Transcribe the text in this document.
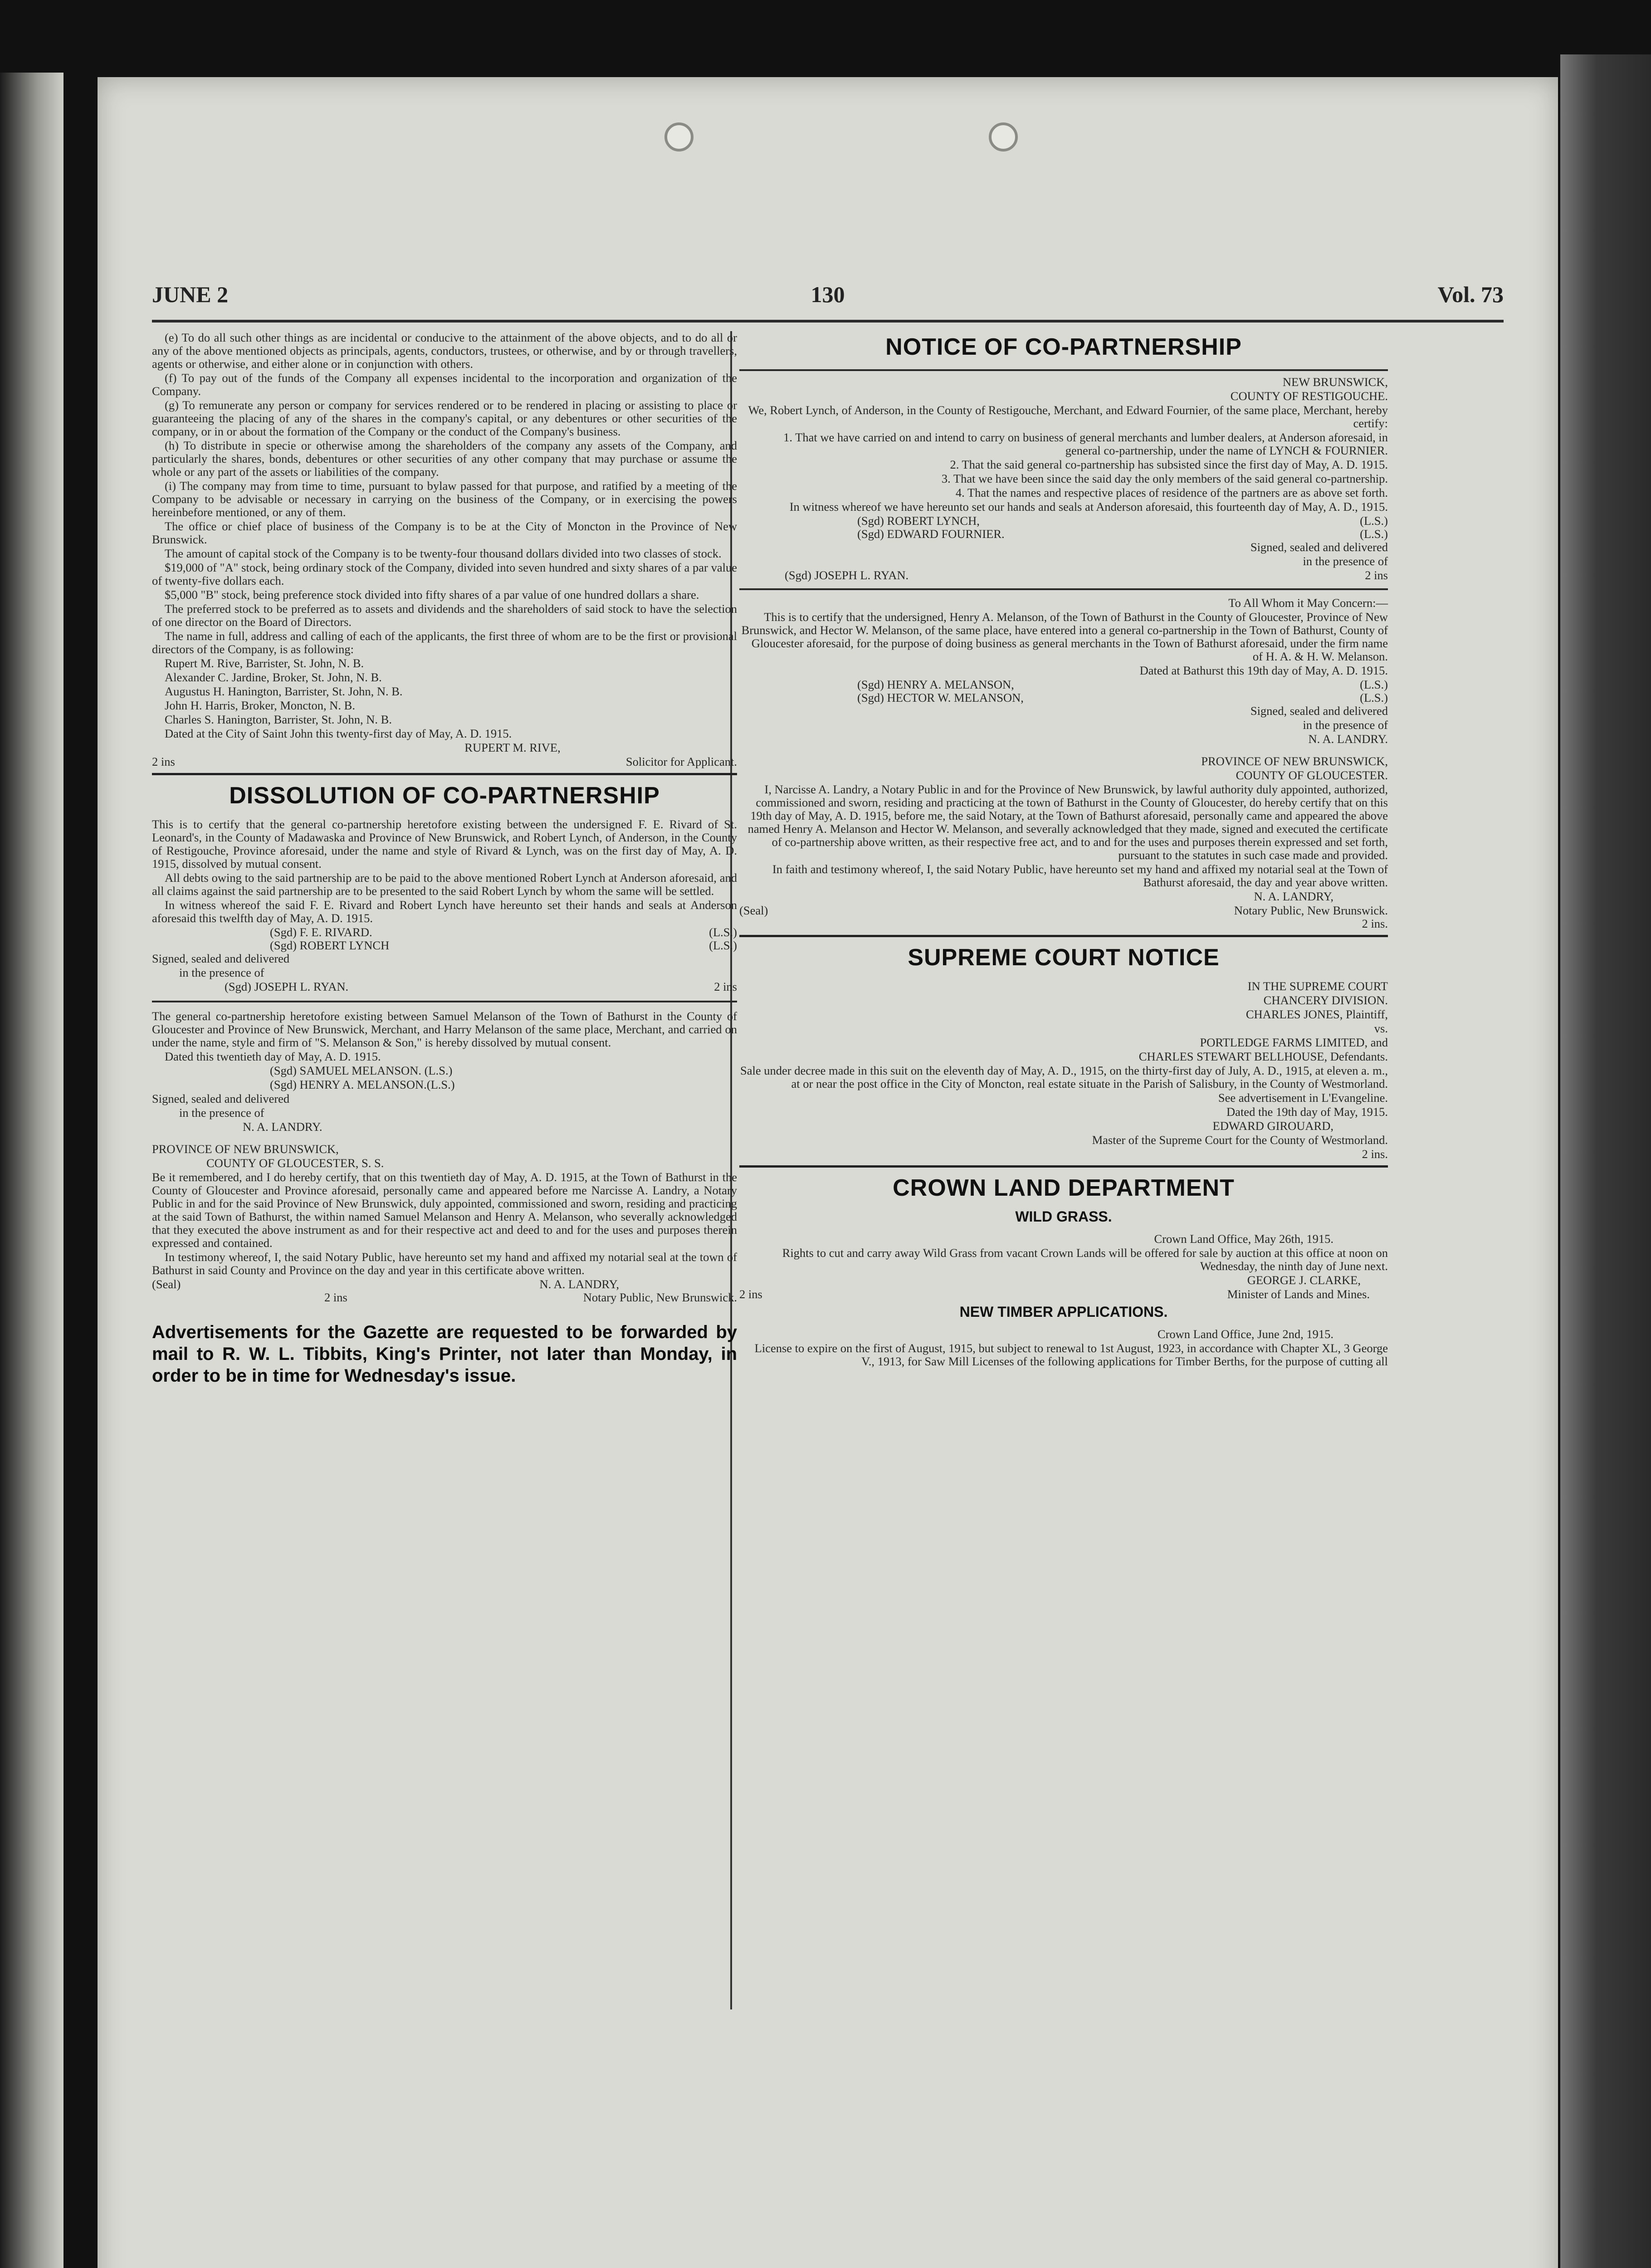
JUNE 2	130	Vol. 73

(e) To do all such other things as are incidental or conducive to the attainment of the above objects, and to do all or any of the above mentioned objects as principals, agents, conductors, trustees, or otherwise, and by or through travellers, agents or otherwise, and either alone or in conjunction with others.

(f) To pay out of the funds of the Company all expenses incidental to the incorporation and organization of the Company.

(g) To remunerate any person or company for services rendered or to be rendered in placing or assisting to place or guaranteeing the placing of any of the shares in the company's capital, or any debentures or other securities of the company, or in or about the formation of the Company or the conduct of the Company's business.

(h) To distribute in specie or otherwise among the shareholders of the company any assets of the Company, and particularly the shares, bonds, debentures or other securities of any other company that may purchase or assume the whole or any part of the assets or liabilities of the company.

(i) The company may from time to time, pursuant to bylaw passed for that purpose, and ratified by a meeting of the Company to be advisable or necessary in carrying on the business of the Company, or in exercising the powers hereinbefore mentioned, or any of them.

The office or chief place of business of the Company is to be at the City of Moncton in the Province of New Brunswick.

The amount of capital stock of the Company is to be twenty-four thousand dollars divided into two classes of stock.

$19,000 of "A" stock, being ordinary stock of the Company, divided into seven hundred and sixty shares of a par value of twenty-five dollars each.

$5,000 "B" stock, being preference stock divided into fifty shares of a par value of one hundred dollars a share.

The preferred stock to be preferred as to assets and dividends and the shareholders of said stock to have the selection of one director on the Board of Directors.

The name in full, address and calling of each of the applicants, the first three of whom are to be the first or provisional directors of the Company, is as following:

Rupert M. Rive, Barrister, St. John, N. B.

Alexander C. Jardine, Broker, St. John, N. B.

Augustus H. Hanington, Barrister, St. John, N. B.

John H. Harris, Broker, Moncton, N. B.

Charles S. Hanington, Barrister, St. John, N. B.

Dated at the City of Saint John this twenty-first day of May, A. D. 1915.

RUPERT M. RIVE,

2 ins	Solicitor for Applicant.
DISSOLUTION OF CO-PARTNERSHIP

This is to certify that the general co-partnership heretofore existing between the undersigned F. E. Rivard of St. Leonard's, in the County of Madawaska and Province of New Brunswick, and Robert Lynch, of Anderson, in the County of Restigouche, Province aforesaid, under the name and style of Rivard & Lynch, was on the first day of May, A. D. 1915, dissolved by mutual consent.

All debts owing to the said partnership are to be paid to the above mentioned Robert Lynch at Anderson aforesaid, and all claims against the said partnership are to be presented to the said Robert Lynch by whom the same will be settled.

In witness whereof the said F. E. Rivard and Robert Lynch have hereunto set their hands and seals at Anderson aforesaid this twelfth day of May, A. D. 1915.

(Sgd) F. E. RIVARD.	(L.S.)
(Sgd) ROBERT LYNCH	(L.S.)

Signed, sealed and delivered

in the presence of

(Sgd) JOSEPH L. RYAN.	2 ins

The general co-partnership heretofore existing between Samuel Melanson of the Town of Bathurst in the County of Gloucester and Province of New Brunswick, Merchant, and Harry Melanson of the same place, Merchant, and carried on under the name, style and firm of "S. Melanson & Son," is hereby dissolved by mutual consent.

Dated this twentieth day of May, A. D. 1915.

(Sgd) SAMUEL MELANSON. (L.S.)

(Sgd) HENRY A. MELANSON.(L.S.)

Signed, sealed and delivered

in the presence of

N. A. LANDRY.

PROVINCE OF NEW BRUNSWICK,

COUNTY OF GLOUCESTER, S. S.

Be it remembered, and I do hereby certify, that on this twentieth day of May, A. D. 1915, at the Town of Bathurst in the County of Gloucester and Province aforesaid, personally came and appeared before me Narcisse A. Landry, a Notary Public in and for the said Province of New Brunswick, duly appointed, commissioned and sworn, residing and practicing at the said Town of Bathurst, the within named Samuel Melanson and Henry A. Melanson, who severally acknowledged that they executed the above instrument as and for their respective act and deed to and for the uses and purposes therein expressed and contained.

In testimony whereof, I, the said Notary Public, have hereunto set my hand and affixed my notarial seal at the town of Bathurst in said County and Province on the day and year in this certificate above written.

(Seal)	N. A. LANDRY,
2 ins	Notary Public, New Brunswick.
Advertisements for the Gazette are requested to be forwarded by mail to R. W. L. Tibbits, King's Printer, not later than Monday, in order to be in time for Wednesday's issue.
NOTICE OF CO-PARTNERSHIP

NEW BRUNSWICK,

COUNTY OF RESTIGOUCHE.

We, Robert Lynch, of Anderson, in the County of Restigouche, Merchant, and Edward Fournier, of the same place, Merchant, hereby certify:

1. That we have carried on and intend to carry on business of general merchants and lumber dealers, at Anderson aforesaid, in general co-partnership, under the name of LYNCH & FOURNIER.

2. That the said general co-partnership has subsisted since the first day of May, A. D. 1915.

3. That we have been since the said day the only members of the said general co-partnership.

4. That the names and respective places of residence of the partners are as above set forth.

In witness whereof we have hereunto set our hands and seals at Anderson aforesaid, this fourteenth day of May, A. D., 1915.

(Sgd) ROBERT LYNCH,	(L.S.)
(Sgd) EDWARD FOURNIER.	(L.S.)

Signed, sealed and delivered

in the presence of

(Sgd) JOSEPH L. RYAN.	2 ins

To All Whom it May Concern:—

This is to certify that the undersigned, Henry A. Melanson, of the Town of Bathurst in the County of Gloucester, Province of New Brunswick, and Hector W. Melanson, of the same place, have entered into a general co-partnership in the Town of Bathurst, County of Gloucester aforesaid, for the purpose of doing business as general merchants in the Town of Bathurst aforesaid, under the firm name of H. A. & H. W. Melanson.

Dated at Bathurst this 19th day of May, A. D. 1915.

(Sgd) HENRY A. MELANSON,	(L.S.)
(Sgd) HECTOR W. MELANSON,	(L.S.)

Signed, sealed and delivered

in the presence of

N. A. LANDRY.

PROVINCE OF NEW BRUNSWICK,

COUNTY OF GLOUCESTER.

I, Narcisse A. Landry, a Notary Public in and for the Province of New Brunswick, by lawful authority duly appointed, authorized, commissioned and sworn, residing and practicing at the town of Bathurst in the County of Gloucester, do hereby certify that on this 19th day of May, A. D. 1915, before me, the said Notary, at the Town of Bathurst aforesaid, personally came and appeared the above named Henry A. Melanson and Hector W. Melanson, and severally acknowledged that they made, signed and executed the certificate of co-partnership above written, as their respective free act, and to and for the uses and purposes therein expressed and set forth, pursuant to the statutes in such case made and provided.

In faith and testimony whereof, I, the said Notary Public, have hereunto set my hand and affixed my notarial seal at the Town of Bathurst aforesaid, the day and year above written.

N. A. LANDRY,

(Seal)	Notary Public, New Brunswick.

2 ins.

SUPREME COURT NOTICE

IN THE SUPREME COURT

CHANCERY DIVISION.

CHARLES JONES, Plaintiff,

vs.

PORTLEDGE FARMS LIMITED, and

CHARLES STEWART BELLHOUSE, Defendants.

Sale under decree made in this suit on the eleventh day of May, A. D., 1915, on the thirty-first day of July, A. D., 1915, at eleven a. m., at or near the post office in the City of Moncton, real estate situate in the Parish of Salisbury, in the County of Westmorland.

See advertisement in L'Evangeline.

Dated the 19th day of May, 1915.

EDWARD GIROUARD,

Master of the Supreme Court for the County of Westmorland.

2 ins.

CROWN LAND DEPARTMENT
WILD GRASS.

Crown Land Office, May 26th, 1915.

Rights to cut and carry away Wild Grass from vacant Crown Lands will be offered for sale by auction at this office at noon on Wednesday, the ninth day of June next.

GEORGE J. CLARKE,

2 ins	Minister of Lands and Mines.
NEW TIMBER APPLICATIONS.

Crown Land Office, June 2nd, 1915.

License to expire on the first of August, 1915, but subject to renewal to 1st August, 1923, in accordance with Chapter XL, 3 George V., 1913, for Saw Mill Licenses of the following applications for Timber Berths, for the purpose of cutting all
